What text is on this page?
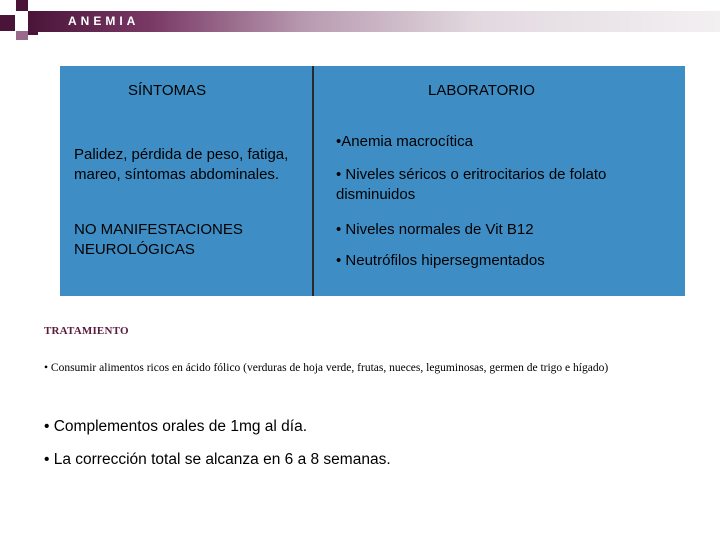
ANEMIA
SÍNTOMAS	LABORATORIO
Palidez, pérdida de peso, fatiga, mareo, síntomas abdominales.
NO MANIFESTACIONES NEUROLÓGICAS
•Anemia macrocítica
• Niveles séricos o eritrocitarios de folato disminuidos
• Niveles normales de Vit B12
• Neutrófilos hipersegmentados
TRATAMIENTO
• Consumir alimentos ricos en ácido fólico (verduras de hoja verde, frutas, nueces, leguminosas, germen de trigo e hígado)
• Complementos orales de 1mg al día.
• La corrección total se alcanza en 6 a 8 semanas.
